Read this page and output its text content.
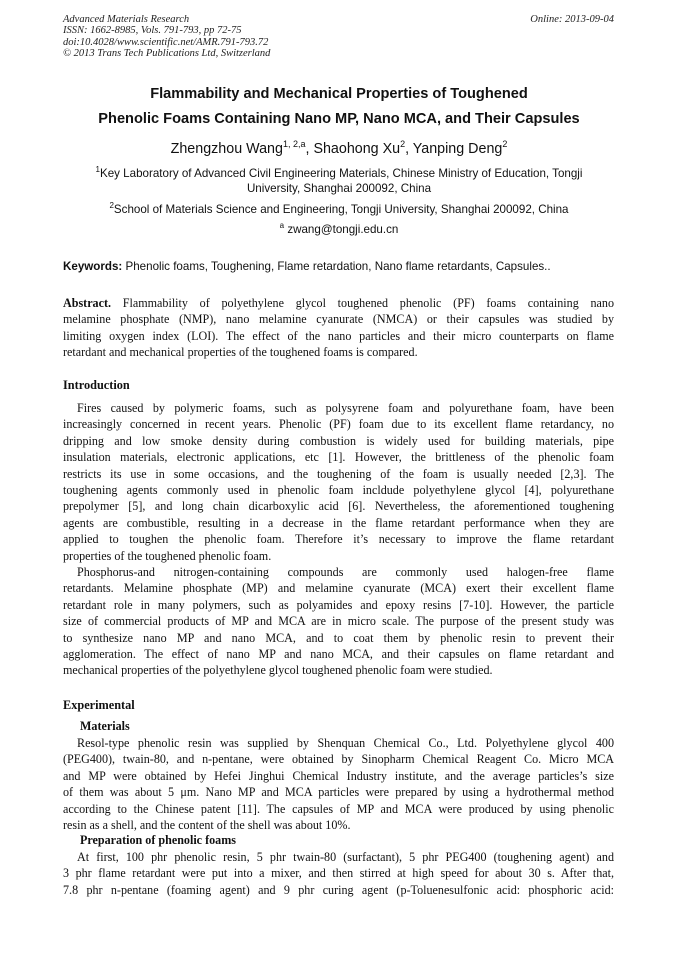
Advanced Materials Research
ISSN: 1662-8985, Vols. 791-793, pp 72-75
doi:10.4028/www.scientific.net/AMR.791-793.72
© 2013 Trans Tech Publications Ltd, Switzerland
Online: 2013-09-04
Flammability and Mechanical Properties of Toughened
Phenolic Foams Containing Nano MP, Nano MCA, and Their Capsules
Zhengzhou Wang$^{1, 2,a}$, Shaohong Xu$^2$, Yanping Deng$^2$
$^1$Key Laboratory of Advanced Civil Engineering Materials, Chinese Ministry of Education, Tongji
University, Shanghai 200092, China
$^2$School of Materials Science and Engineering, Tongji University, Shanghai 200092, China
$^a$ zwang@tongji.edu.cn
Keywords: Phenolic foams, Toughening, Flame retardation, Nano flame retardants, Capsules..
Abstract. Flammability of polyethylene glycol toughened phenolic (PF) foams containing nano
melamine phosphate (NMP), nano melamine cyanurate (NMCA) or their capsules was studied by
limiting oxygen index (LOI). The effect of the nano particles and their micro counterparts on flame
retardant and mechanical properties of the toughened foams is compared.
Introduction
Fires caused by polymeric foams, such as polysyrene foam and polyurethane foam, have been
increasingly concerned in recent years. Phenolic (PF) foam due to its excellent flame retardancy, no
dripping and low smoke density during combustion is widely used for building materials, pipe
insulation materials, electronic applications, etc [1]. However, the brittleness of the phenolic foam
restricts its use in some occasions, and the toughening of the foam is usually needed [2,3]. The
toughening agents commonly used in phenolic foam incldude polyethylene glycol [4], polyurethane
prepolymer [5], and long chain dicarboxylic acid [6]. Nevertheless, the aforementioned toughening
agents are combustible, resulting in a decrease in the flame retardant performance when they are
applied to toughen the phenolic foam. Therefore it’s necessary to improve the flame retardant
properties of the toughened phenolic foam.
Phosphorus-and nitrogen-containing compounds are commonly used halogen-free flame
retardants. Melamine phosphate (MP) and melamine cyanurate (MCA) exert their excellent flame
retardant role in many polymers, such as polyamides and epoxy resins [7-10]. However, the particle
size of commercial products of MP and MCA are in micro scale. The purpose of the present study was
to synthesize nano MP and nano MCA, and to coat them by phenolic resin to prevent their
agglomeration. The effect of nano MP and nano MCA, and their capsules on flame retardant and
mechanical properties of the polyethylene glycol toughened phenolic foam were studied.
Experimental
Materials
Resol-type phenolic resin was supplied by Shenquan Chemical Co., Ltd. Polyethylene glycol 400
(PEG400), twain-80, and n-pentane, were obtained by Sinopharm Chemical Reagent Co. Micro MCA
and MP were obtained by Hefei Jinghui Chemical Industry institute, and the average particles’s size
of them was about 5 μm. Nano MP and MCA particles were prepared by using a hydrothermal method
according to the Chinese patent [11]. The capsules of MP and MCA were produced by using phenolic
resin as a shell, and the content of the shell was about 10%.
Preparation of phenolic foams
At first, 100 phr phenolic resin, 5 phr twain-80 (surfactant), 5 phr PEG400 (toughening agent) and
3 phr flame retardant were put into a mixer, and then stirred at high speed for about 30 s. After that,
7.8 phr n-pentane (foaming agent) and 9 phr curing agent (p-Toluenesulfonic acid: phosphoric acid:
